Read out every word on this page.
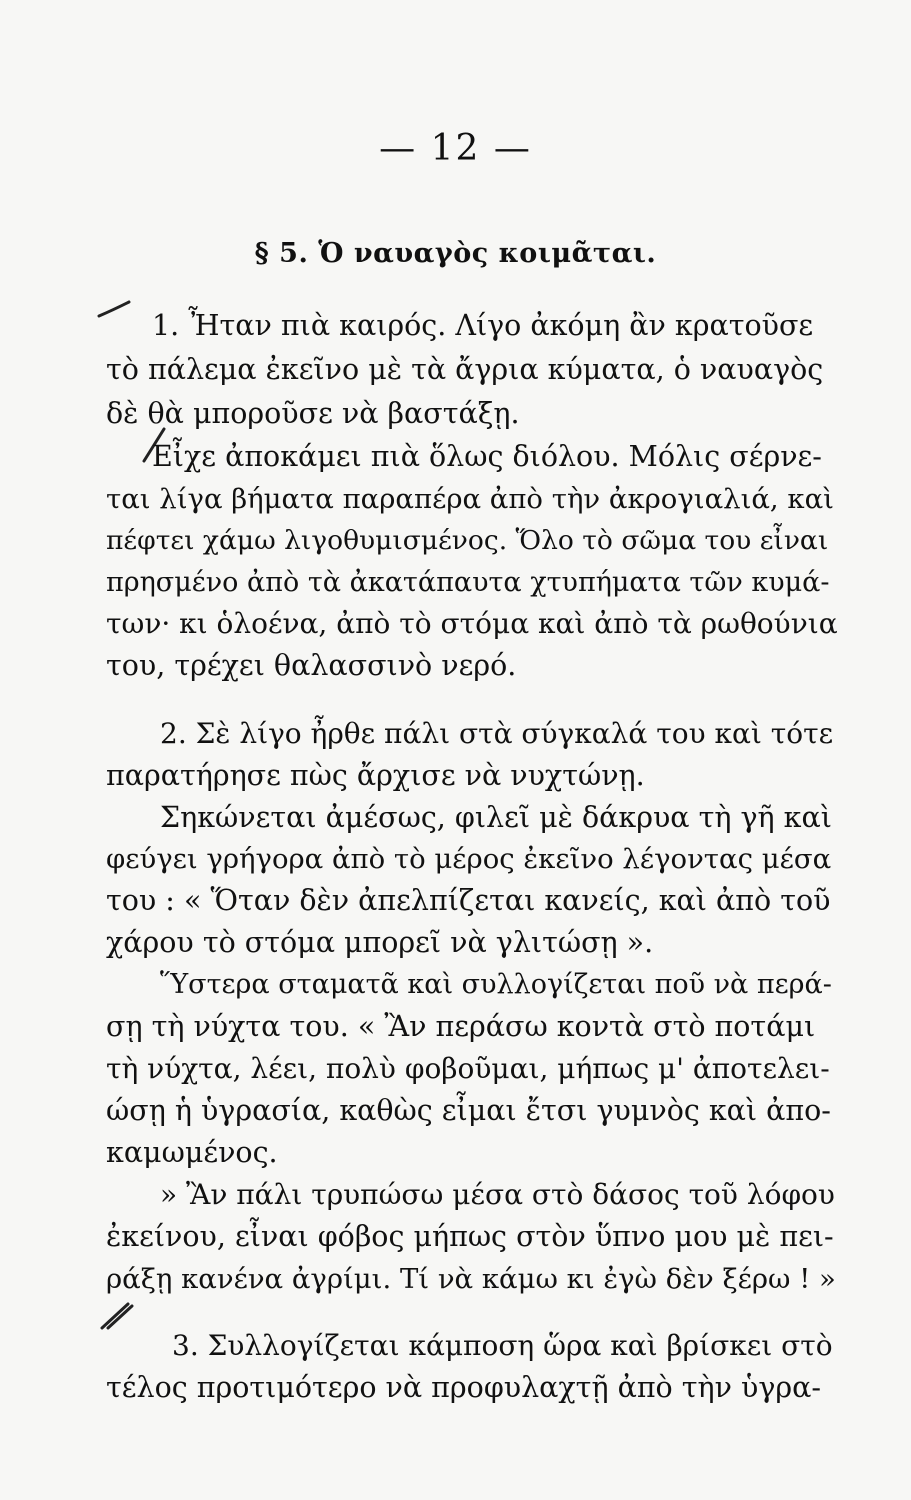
— 12 —
§ 5. Ὁ ναυαγὸς κοιμᾶται.
1. Ἦταν πιὰ καιρός. Λίγο ἀκόμη ἂν κρατοῦσε
τὸ πάλεμα ἐκεῖνο μὲ τὰ ἄγρια κύματα, ὁ ναυαγὸς
δὲ θὰ μποροῦσε νὰ βαστάξῃ.
Εἶχε ἀποκάμει πιὰ ὅλως διόλου. Μόλις σέρνε-
ται λίγα βήματα παραπέρα ἀπὸ τὴν ἀκρογιαλιά, καὶ
πέφτει χάμω λιγοθυμισμένος. Ὅλο τὸ σῶμα του εἶναι
πρησμένο ἀπὸ τὰ ἀκατάπαυτα χτυπήματα τῶν κυμά-
των· κι ὁλοένα, ἀπὸ τὸ στόμα καὶ ἀπὸ τὰ ρωθούνια
του, τρέχει θαλασσινὸ νερό.
2. Σὲ λίγο ἦρθε πάλι στὰ σύγκαλά του καὶ τότε
παρατήρησε πὼς ἄρχισε νὰ νυχτώνῃ.
Σηκώνεται ἀμέσως, φιλεῖ μὲ δάκρυα τὴ γῆ καὶ
φεύγει γρήγορα ἀπὸ τὸ μέρος ἐκεῖνο λέγοντας μέσα
του : « Ὅταν δὲν ἀπελπίζεται κανείς, καὶ ἀπὸ τοῦ
χάρου τὸ στόμα μπορεῖ νὰ γλιτώσῃ ».
Ὕστερα σταματᾶ καὶ συλλογίζεται ποῦ νὰ περά-
σῃ τὴ νύχτα του. « Ἂν περάσω κοντὰ στὸ ποτάμι
τὴ νύχτα, λέει, πολὺ φοβοῦμαι, μήπως μ' ἀποτελει-
ώσῃ ἡ ὑγρασία, καθὼς εἶμαι ἔτσι γυμνὸς καὶ ἀπο-
καμωμένος.
» Ἂν πάλι τρυπώσω μέσα στὸ δάσος τοῦ λόφου
ἐκείνου, εἶναι φόβος μήπως στὸν ὕπνο μου μὲ πει-
ράξῃ κανένα ἀγρίμι. Τί νὰ κάμω κι ἐγὼ δὲν ξέρω ! »
3. Συλλογίζεται κάμποση ὥρα καὶ βρίσκει στὸ
τέλος προτιμότερο νὰ προφυλαχτῇ ἀπὸ τὴν ὑγρα-
